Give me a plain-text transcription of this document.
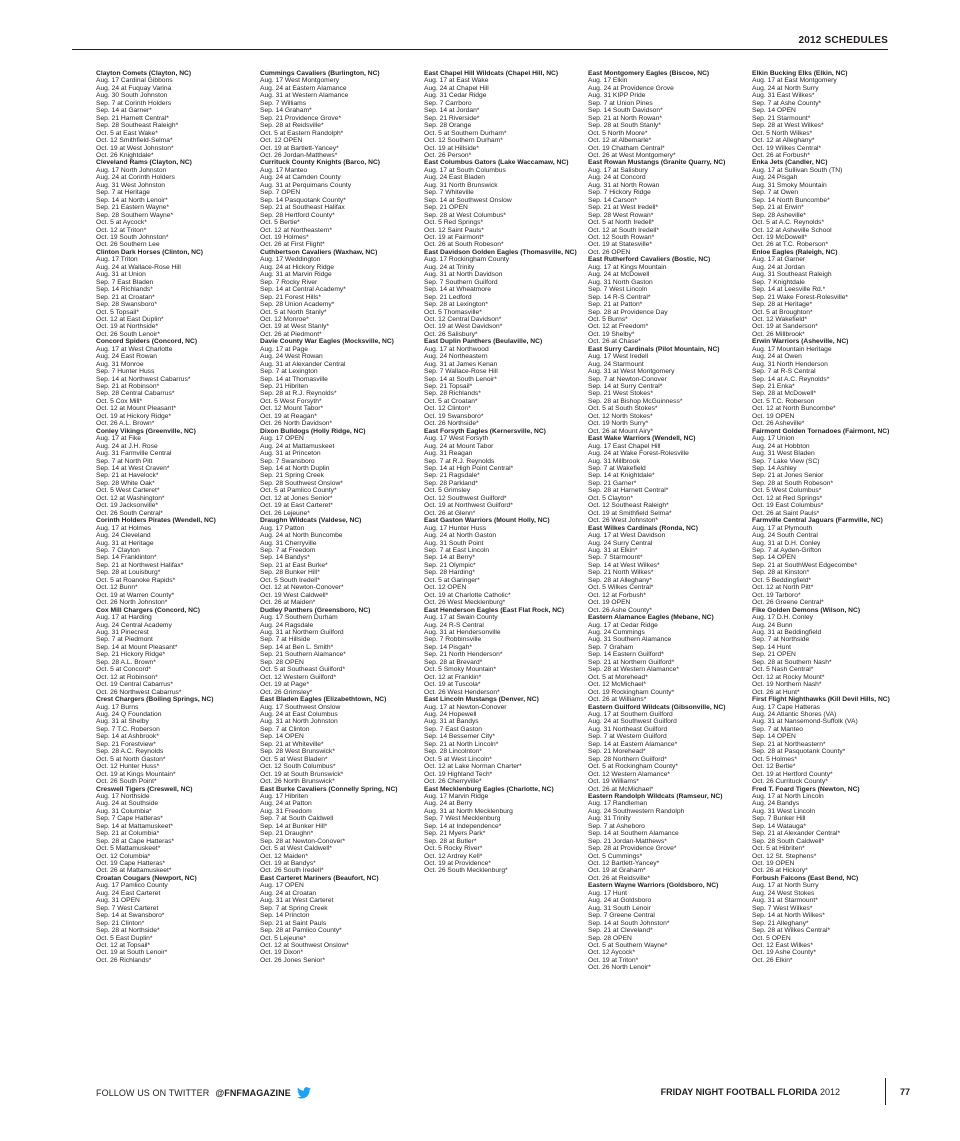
2012 SCHEDULES
Clayton Comets (Clayton, NC)
Aug. 17 Cardinal Gibbons
Aug. 24 at Fuquay Varina
Aug. 30 South Johnston
Sep. 7 at Corinth Holders
Sep. 14 at Garner*
Sep. 21 Harnett Central*
Sep. 28 Southeast Raleigh*
Oct. 5 at East Wake*
Oct. 12 Smithfield-Selma*
Oct. 19 at West Johnston*
Oct. 26 Knightdale*
Cleveland Rams (Clayton, NC)
Aug. 17 North Johnston
Aug. 24 at Corinth Holders
Aug. 31 West Johnston
Sep. 7 at Heritage
Sep. 14 at North Lenoir*
Sep. 21 Eastern Wayne*
Sep. 28 Southern Wayne*
Oct. 5 at Aycock*
Oct. 12 at Triton*
Oct. 19 South Johnston*
Oct. 26 Southern Lee
Clinton Dark Horses (Clinton, NC)
Aug. 17 Triton
Aug. 24 at Wallace-Rose Hill
Aug. 31 at Union
Sep. 7 East Bladen
Sep. 14 Richlands*
Sep. 21 at Croatan*
Sep. 28 Swansboro*
Oct. 5 Topsail*
Oct. 12 at East Duplin*
Oct. 19 at Northside*
Oct. 26 South Lenoir*
Concord Spiders (Concord, NC)
Aug. 17 at West Charlotte
Aug. 24 East Rowan
Aug. 31 Monroe
Sep. 7 Hunter Huss
Sep. 14 at Northwest Cabarrus*
Sep. 21 at Robinson*
Sep. 28 Central Cabarrus*
Oct. 5 Cox Mill*
Oct. 12 at Mount Pleasant*
Oct. 19 at Hickory Ridge*
Oct. 26 A.L. Brown*
Conley Vikings (Greenville, NC)
Aug. 17 at Fike
Aug. 24 at J.H. Rose
Aug. 31 Farmville Central
Sep. 7 at North Pitt
Sep. 14 at West Craven*
Sep. 21 at Havelock*
Sep. 28 White Oak*
Oct. 5 West Carteret*
Oct. 12 at Washington*
Oct. 19 Jacksonville*
Oct. 26 South Central*
Corinth Holders Pirates (Wendell, NC)
Aug. 17 at Holmes
Aug. 24 Cleveland
Aug. 31 at Heritage
Sep. 7 Clayton
Sep. 14 Franklinton*
Sep. 21 at Northwest Halifax*
Sep. 28 at Louisburg*
Oct. 5 at Roanoke Rapids*
Oct. 12 Bunn*
Oct. 19 at Warren County*
Oct. 26 North Johnston*
Cox Mill Chargers (Concord, NC)
Aug. 17 at Harding
Aug. 24 Central Academy
Aug. 31 Pinecrest
Sep. 7 at Piedmont
Sep. 14 at Mount Pleasant*
Sep. 21 Hickory Ridge*
Sep. 28 A.L. Brown*
Oct. 5 at Concord*
Oct. 12 at Robinson*
Oct. 19 Central Cabarrus*
Oct. 26 Northwest Cabarrus*
Crest Chargers (Boiling Springs, NC)
Aug. 17 Burns
Aug. 24 Q Foundation
Aug. 31 at Shelby
Sep. 7 T.C. Roberson
Sep. 14 at Ashbrook*
Sep. 21 Forestview*
Sep. 28 A.C. Reynolds
Oct. 5 at North Gaston*
Oct. 12 Hunter Huss*
Oct. 19 at Kings Mountain*
Oct. 26 South Point*
Creswell Tigers (Creswell, NC)
Aug. 17 Northside
Aug. 24 at Southside
Aug. 31 Columbia*
Sep. 7 Cape Hatteras*
Sep. 14 at Mattamuskeet*
Sep. 21 at Columbia*
Sep. 28 at Cape Hatteras*
Oct. 5 Mattamuskeet*
Oct. 12 Columbia*
Oct. 19 Cape Hatteras*
Oct. 26 at Mattamuskeet*
Croatan Cougars (Newport, NC)
Aug. 17 Pamlico County
Aug. 24 East Carteret
Aug. 31 OPEN
Sep. 7 West Carteret
Sep. 14 at Swansboro*
Sep. 21 Clinton*
Sep. 28 at Northside*
Oct. 5 East Duplin*
Oct. 12 at Topsail*
Oct. 19 at South Lenoir*
Oct. 26 Richlands*
Cummings Cavaliers (Burlington, NC)
Aug. 17 West Montgomery
Aug. 24 at Eastern Alamance
Aug. 31 at Western Alamance
Sep. 7 Williams
Sep. 14 Graham*
Sep. 21 Providence Grove*
Sep. 28 at Reidsville*
Oct. 5 at Eastern Randolph*
Oct. 12 OPEN
Oct. 19 at Bartlett-Yancey*
Oct. 26 Jordan-Matthews*
Currituck County Knights (Barco, NC)
Aug. 17 Manteo
Aug. 24 at Camden County
Aug. 31 at Perquimans County
Sep. 7 OPEN
Sep. 14 Pasquotank County*
Sep. 21 at Southeast Halifax
Sep. 28 Hertford County*
Oct. 5 Bertie*
Oct. 12 at Northeastern*
Oct. 19 Holmes*
Oct. 26 at First Flight*
Cuthbertson Cavaliers (Waxhaw, NC)
Aug. 17 Weddington
Aug. 24 at Hickory Ridge
Aug. 31 at Marvin Ridge
Sep. 7 Rocky River
Sep. 14 at Central Academy*
Sep. 21 Forest Hills*
Sep. 28 Union Academy*
Oct. 5 at North Stanly*
Oct. 12 Monroe*
Oct. 19 at West Stanly*
Oct. 26 at Piedmont*
Davie County War Eagles (Mocksville, NC)
Aug. 17 at Page
Aug. 24 West Rowan
Aug. 31 at Alexander Central
Sep. 7 at Lexington
Sep. 14 at Thomasville
Sep. 21 Hibriten
Sep. 28 at R.J. Reynolds*
Oct. 5 West Forsyth*
Oct. 12 Mount Tabor*
Oct. 19 at Reagan*
Oct. 26 North Davidson*
Dixon Bulldogs (Holly Ridge, NC)
Aug. 17 OPEN
Aug. 24 at Mattamuskeet
Aug. 31 at Princeton
Sep. 7 Swansboro
Sep. 14 at North Duplin
Sep. 21 Spring Creek
Sep. 28 Southwest Onslow*
Oct. 5 at Pamlico County*
Oct. 12 at Jones Senior*
Oct. 19 at East Carteret*
Oct. 26 Lejeune*
Draughn Wildcats (Valdese, NC)
Aug. 17 Patton
Aug. 24 at North Buncombe
Aug. 31 Cherryville
Sep. 7 at Freedom
Sep. 14 Bandys*
Sep. 21 at East Burke*
Sep. 28 Bunker Hill*
Oct. 5 South Iredell*
Oct. 12 at Newton-Conover*
Oct. 19 West Caldwell*
Oct. 26 at Maiden*
Dudley Panthers (Greensboro, NC)
Aug. 17 Southern Durham
Aug. 24 Ragsdale
Aug. 31 at Northern Guilford
Sep. 7 at Hillside
Sep. 14 at Ben L. Smith*
Sep. 21 Southern Alamance*
Sep. 28 OPEN
Oct. 5 at Southeast Guilford*
Oct. 12 Western Guilford*
Oct. 19 at Page*
Oct. 26 Grimsley*
East Bladen Eagles (Elizabethtown, NC)
Aug. 17 Southwest Onslow
Aug. 24 at East Columbus
Aug. 31 at North Johnston
Sep. 7 at Clinton
Sep. 14 OPEN
Sep. 21 at Whiteville*
Sep. 28 West Brunswick*
Oct. 5 at West Bladen*
Oct. 12 South Columbus*
Oct. 19 at South Brunswick*
Oct. 26 North Brunswick*
East Burke Cavaliers (Connelly Spring, NC)
Aug. 17 Hibriten
Aug. 24 at Patton
Aug. 31 Freedom
Sep. 7 at South Caldwell
Sep. 14 at Bunker Hill*
Sep. 21 Draughn*
Sep. 28 at Newton-Conover*
Oct. 5 at West Caldwell*
Oct. 12 Maiden*
Oct. 19 at Bandys*
Oct. 26 South Iredell*
East Carteret Mariners (Beaufort, NC)
Aug. 17 OPEN
Aug. 24 at Croatan
Aug. 31 at West Carteret
Sep. 7 at Spring Creek
Sep. 14 Princton
Sep. 21 at Saint Pauls
Sep. 28 at Pamlico County*
Oct. 5 Lejeune*
Oct. 12 at Southwest Onslow*
Oct. 19 Dixon*
Oct. 26 Jones Senior*
East Chapel Hill Wildcats (Chapel Hill, NC)
Aug. 17 at East Wake
Aug. 24 at Chapel Hill
Aug. 31 Cedar Ridge
Sep. 7 Carrboro
Sep. 14 at Jordan*
Sep. 21 Riverside*
Sep. 28 Orange
Oct. 5 at Southern Durham*
Oct. 12 Southern Durham*
Oct. 19 at Hillside*
Oct. 26 Person*
East Columbus Gators (Lake Waccamaw, NC)
Aug. 17 at South Columbus
Aug. 24 East Bladen
Aug. 31 North Brunswick
Sep. 7 Whiteville
Sep. 14 at Southwest Onslow
Sep. 21 OPEN
Sep. 28 at West Columbus*
Oct. 5 Red Springs*
Oct. 12 Saint Pauls*
Oct. 19 at Fairmont*
Oct. 26 at South Robeson*
East Davidson Golden Eagles (Thomasville, NC)
Aug. 17 Rockingham County
Aug. 24 at Trinity
Aug. 31 at North Davidson
Sep. 7 Southern Guilford
Sep. 14 at Wheatmore
Sep. 21 Ledford
Sep. 28 at Lexington*
Oct. 5 Thomasville*
Oct. 12 Central Davidson*
Oct. 19 at West Davidson*
Oct. 26 Salisbury*
East Duplin Panthers (Beulaville, NC)
Aug. 17 at Northwood
Aug. 24 Northeastern
Aug. 31 at James Kenan
Sep. 7 Wallace-Rose Hill
Sep. 14 at South Lenoir*
Sep. 21 Topsail*
Sep. 28 Richlands*
Oct. 5 at Croatan*
Oct. 12 Clinton*
Oct. 19 Swansboro*
Oct. 26 Northside*
East Forsyth Eagles (Kernersville, NC)
Aug. 17 West Forsyth
Aug. 24 at Mount Tabor
Aug. 31 Reagan
Sep. 7 at R.J. Reynolds
Sep. 14 at High Point Central*
Sep. 21 Ragsdale*
Sep. 28 Parkland*
Oct. 5 Grimsley
Oct. 12 Southwest Guilford*
Oct. 19 at Northwest Guilford*
Oct. 26 at Glenn*
East Gaston Warriors (Mount Holly, NC)
Aug. 17 Hunter Huss
Aug. 24 at North Gaston
Aug. 31 South Point
Sep. 7 at East Lincoln
Sep. 14 at Berry*
Sep. 21 Olympic*
Sep. 28 Harding*
Oct. 5 at Garinger*
Oct. 12 OPEN
Oct. 19 at Charlotte Catholic*
Oct. 26 West Mecklenburg*
East Henderson Eagles (East Flat Rock, NC)
Aug. 17 at Swain County
Aug. 24 R-S Central
Aug. 31 at Hendersonville
Sep. 7 Robbinsville
Sep. 14 Pisgah*
Sep. 21 North Henderson*
Sep. 28 at Brevard*
Oct. 5 Smoky Mountain*
Oct. 12 at Franklin*
Oct. 19 at Tuscola*
Oct. 26 West Henderson*
East Lincoln Mustangs (Denver, NC)
Aug. 17 at Newton-Conover
Aug. 24 Hopewell
Aug. 31 at Bandys
Sep. 7 East Gaston
Sep. 14 Bessemer City*
Sep. 21 at North Lincoln*
Sep. 28 Lincolnton*
Oct. 5 at West Lincoln*
Oct. 12 at Lake Norman Charter*
Oct. 19 Highland Tech*
Oct. 26 Cherryville*
East Mecklenburg Eagles (Charlotte, NC)
Aug. 17 Marvin Ridge
Aug. 24 at Berry
Aug. 31 at North Mecklenburg
Sep. 7 West Mecklenburg
Sep. 14 at Independence*
Sep. 21 Myers Park*
Sep. 28 at Butler*
Oct. 5 Rocky River*
Oct. 12 Ardrey Kell*
Oct. 19 at Providence*
Oct. 26 South Mecklenburg*
East Montgomery Eagles (Biscoe, NC)
Aug. 17 Elkin
Aug. 24 at Providence Grove
Aug. 31 KIPP Pride
Sep. 7 at Union Pines
Sep. 14 South Davidson*
Sep. 21 at North Rowan*
Sep. 28 at South Stanly*
Oct. 5 North Moore*
Oct. 12 at Albemarle*
Oct. 19 Chatham Central*
Oct. 26 at West Montgomery*
East Rowan Mustangs (Granite Quarry, NC)
Aug. 17 at Salisbury
Aug. 24 at Concord
Aug. 31 at North Rowan
Sep. 7 Hickory Ridge
Sep. 14 Carson*
Sep. 21 at West Iredell*
Sep. 28 West Rowan*
Oct. 5 at North Iredell*
Oct. 12 at South Iredell*
Oct. 12 South Rowan*
Oct. 19 at Statesville*
Oct. 26 OPEN
East Rutherford Cavaliers (Bostic, NC)
Aug. 17 at Kings Mountain
Aug. 24 at McDowell
Aug. 31 North Gaston
Sep. 7 West Lincoln
Sep. 14 R-S Central*
Sep. 21 at Patton*
Sep. 28 at Providence Day
Oct. 5 Burns*
Oct. 12 at Freedom*
Oct. 19 Shelby*
Oct. 26 at Chase*
East Surry Cardinals (Pilot Mountain, NC)
Aug. 17 West Iredell
Aug. 24 Starmount
Aug. 31 at West Montgomery
Sep. 7 at Newton-Conover
Sep. 14 at Surry Central*
Sep. 21 West Stokes*
Sep. 28 at Bishop McGuinness*
Oct. 5 at South Stokes*
Oct. 12 North Stokes*
Oct. 19 North Surry*
Oct. 26 at Mount Airy*
East Wake Warriors (Wendell, NC)
Aug. 17 East Chapel Hill
Aug. 24 at Wake Forest-Rolesville
Aug. 31 Millbrook
Sep. 7 at Wakefield
Sep. 14 at Knightdale*
Sep. 21 Garner*
Sep. 28 at Harnett Central*
Oct. 5 Clayton*
Oct. 12 Southeast Raleigh*
Oct. 19 at Smithfield Selma*
Oct. 26 West Johnston*
East Wilkes Cardinals (Ronda, NC)
Aug. 17 at West Davidson
Aug. 24 Surry Central
Aug. 31 at Elkin*
Sep. 7 Starmount*
Sep. 14 at West Wilkes*
Sep. 21 North Wilkes*
Sep. 28 at Alleghany*
Oct. 5 Wilkes Central*
Oct. 12 at Forbush*
Oct. 19 OPEN
Oct. 26 Ashe County*
Eastern Alamance Eagles (Mebane, NC)
Aug. 17 at Cedar Ridge
Aug. 24 Cummings
Aug. 31 Southern Alamance
Sep. 7 Graham
Sep. 14 Eastern Guilford*
Sep. 21 at Northern Guilford*
Sep. 28 at Western Alamance*
Oct. 5 at Morehead*
Oct. 12 McMichael*
Oct. 19 Rockingham County*
Oct. 26 at Williams*
Eastern Guilford Wildcats (Gibsonville, NC)
Aug. 17 at Southern Guilford
Aug. 24 at Southwest Guilford
Aug. 31 Northeast Guilford
Sep. 7 at Western Guilford
Sep. 14 at Eastern Alamance*
Sep. 21 Morehead*
Sep. 28 Northern Guilford*
Oct. 5 at Rockingham County*
Oct. 12 Western Alamance*
Oct. 19 Williams*
Oct. 26 at McMichael*
Eastern Randolph Wildcats (Ramseur, NC)
Aug. 17 Randleman
Aug. 24 Southwestern Randolph
Aug. 31 Trinity
Sep. 7 at Asheboro
Sep. 14 at Southern Alamance
Sep. 21 Jordan-Matthews*
Sep. 28 at Providence Grove*
Oct. 5 Cummings*
Oct. 12 Bartlett-Yancey*
Oct. 19 at Graham*
Oct. 26 at Reidsville*
Eastern Wayne Warriors (Goldsboro, NC)
Aug. 17 Hunt
Aug. 24 at Goldsboro
Aug. 31 South Lenoir
Sep. 7 Greene Central
Sep. 14 at South Johnston*
Sep. 21 at Cleveland*
Sep. 28 OPEN
Oct. 5 at Southern Wayne*
Oct. 12 Aycock*
Oct. 19 at Triton*
Oct. 26 North Lenoir*
Elkin Bucking Elks (Elkin, NC)
Aug. 17 at East Montgomery
Aug. 24 at North Surry
Aug. 31 East Wilkes*
Sep. 7 at Ashe County*
Sep. 14 OPEN
Sep. 21 Starmount*
Sep. 28 at West Wilkes*
Oct. 5 North Wilkes*
Oct. 12 at Alleghany*
Oct. 19 Wilkes Central*
Oct. 26 at Forbush*
Enka Jets (Candler, NC)
Aug. 17 at Sullivan South (TN)
Aug. 24 Pisgah
Aug. 31 Smoky Mountain
Sep. 7 at Owen
Sep. 14 North Buncombe*
Sep. 21 at Erwin*
Sep. 28 Asheville*
Oct. 5 at A.C. Reynolds*
Oct. 12 at Asheville School
Oct. 19 McDowell*
Oct. 26 at T.C. Roberson*
Enloe Eagles (Raleigh, NC)
Aug. 17 at Garner
Aug. 24 at Jordan
Aug. 31 Southeast Raleigh
Sep. 7 Knightdale
Sep. 14 at Leesville Rd.*
Sep. 21 Wake Forest-Rolesville*
Sep. 28 at Heritage*
Oct. 5 at Broughton*
Oct. 12 Wakefield*
Oct. 19 at Sanderson*
Oct. 26 Millbrook*
Erwin Warriors (Asheville, NC)
Aug. 17 Mountain Heritage
Aug. 24 at Owen
Aug. 31 North Henderson
Sep. 7 at R-S Central
Sep. 14 at A.C. Reynolds*
Sep. 21 Enka*
Sep. 28 at McDowell*
Oct. 5 T.C. Roberson
Oct. 12 at North Buncombe*
Oct. 19 OPEN
Oct. 26 Asheville*
Fairmont Golden Tornadoes (Fairmont, NC)
Aug. 17 Union
Aug. 24 at Hobbton
Aug. 31 West Bladen
Sep. 7 Lake View (SC)
Sep. 14 Ashley
Sep. 21 at Jones Senior
Sep. 28 at South Robeson*
Oct. 5 West Columbus*
Oct. 12 at Red Springs*
Oct. 19 East Columbus*
Oct. 26 at Saint Pauls*
Farmville Central Jaguars (Farmville, NC)
Aug. 17 at Plymouth
Aug. 24 South Central
Aug. 31 at D.H. Conley
Sep. 7 at Ayden-Grifton
Sep. 14 OPEN
Sep. 21 at SouthWest Edgecombe*
Sep. 28 at Kinston*
Oct. 5 Beddingfield*
Oct. 12 at North Pitt*
Oct. 19 Tarboro*
Oct. 26 Greene Central*
Fike Golden Demons (Wilson, NC)
Aug. 17 D.H. Conley
Aug. 24 Bunn
Aug. 31 at Beddingfield
Sep. 7 at Northside
Sep. 14 Hunt
Sep. 21 OPEN
Sep. 28 at Southern Nash*
Oct. 5 Nash Central*
Oct. 12 at Rocky Mount*
Oct. 19 Northern Nash*
Oct. 26 at Hunt*
First Flight Nighthawks (Kill Devil Hills, NC)
Aug. 17 Cape Hatteras
Aug. 24 Atlantic Shores (VA)
Aug. 31 at Nansemond-Suffolk (VA)
Sep. 7 at Manteo
Sep. 14 OPEN
Sep. 21 at Northeastern*
Sep. 28 at Pasquotank County*
Oct. 5 Holmes*
Oct. 12 Bertie*
Oct. 19 at Hertford County*
Oct. 26 Currituck County*
Fred T. Foard Tigers (Newton, NC)
Aug. 17 at North Lincoln
Aug. 24 Bandys
Aug. 31 West Lincoln
Sep. 7 Bunker Hill
Sep. 14 Watauga*
Sep. 21 at Alexander Central*
Sep. 28 South Caldwell*
Oct. 5 at Hibriten*
Oct. 12 St. Stephens*
Oct. 19 OPEN
Oct. 26 at Hickory*
Forbush Falcons (East Bend, NC)
Aug. 17 at North Surry
Aug. 24 West Stokes
Aug. 31 at Starmount*
Sep. 7 West Wilkes*
Sep. 14 at North Wilkes*
Sep. 21 Alleghany*
Sep. 28 at Wilkes Central*
Oct. 5 OPEN
Oct. 12 East Wilkes*
Oct. 19 Ashe County*
Oct. 26 Elkin*
FOLLOW US ON TWITTER @FNFMAGAZINE	FRIDAY NIGHT FOOTBALL FLORIDA 2012	77
